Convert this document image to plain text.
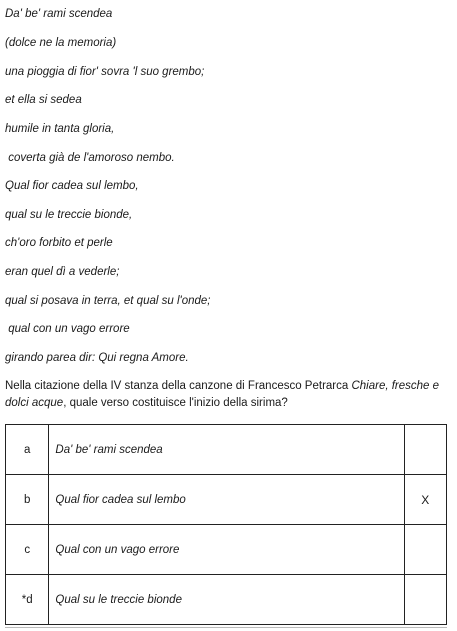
Da' be' rami scendea
(dolce ne la memoria)
una pioggia di fior' sovra 'l suo grembo;
et ella si sedea
humile in tanta gloria,
coverta già de l'amoroso nembo.
Qual fior cadea sul lembo,
qual su le treccie bionde,
ch'oro forbito et perle
eran quel dì a vederle;
qual si posava in terra, et qual su l'onde;
qual con un vago errore
girando parea dir: Qui regna Amore.
Nella citazione della IV stanza della canzone di Francesco Petrarca Chiare, fresche e dolci acque, quale verso costituisce l'inizio della sirima?
a	Da' be' rami scendea	
b	Qual fior cadea sul lembo	X
c	Qual con un vago errore	
*d	Qual su le treccie bionde	
